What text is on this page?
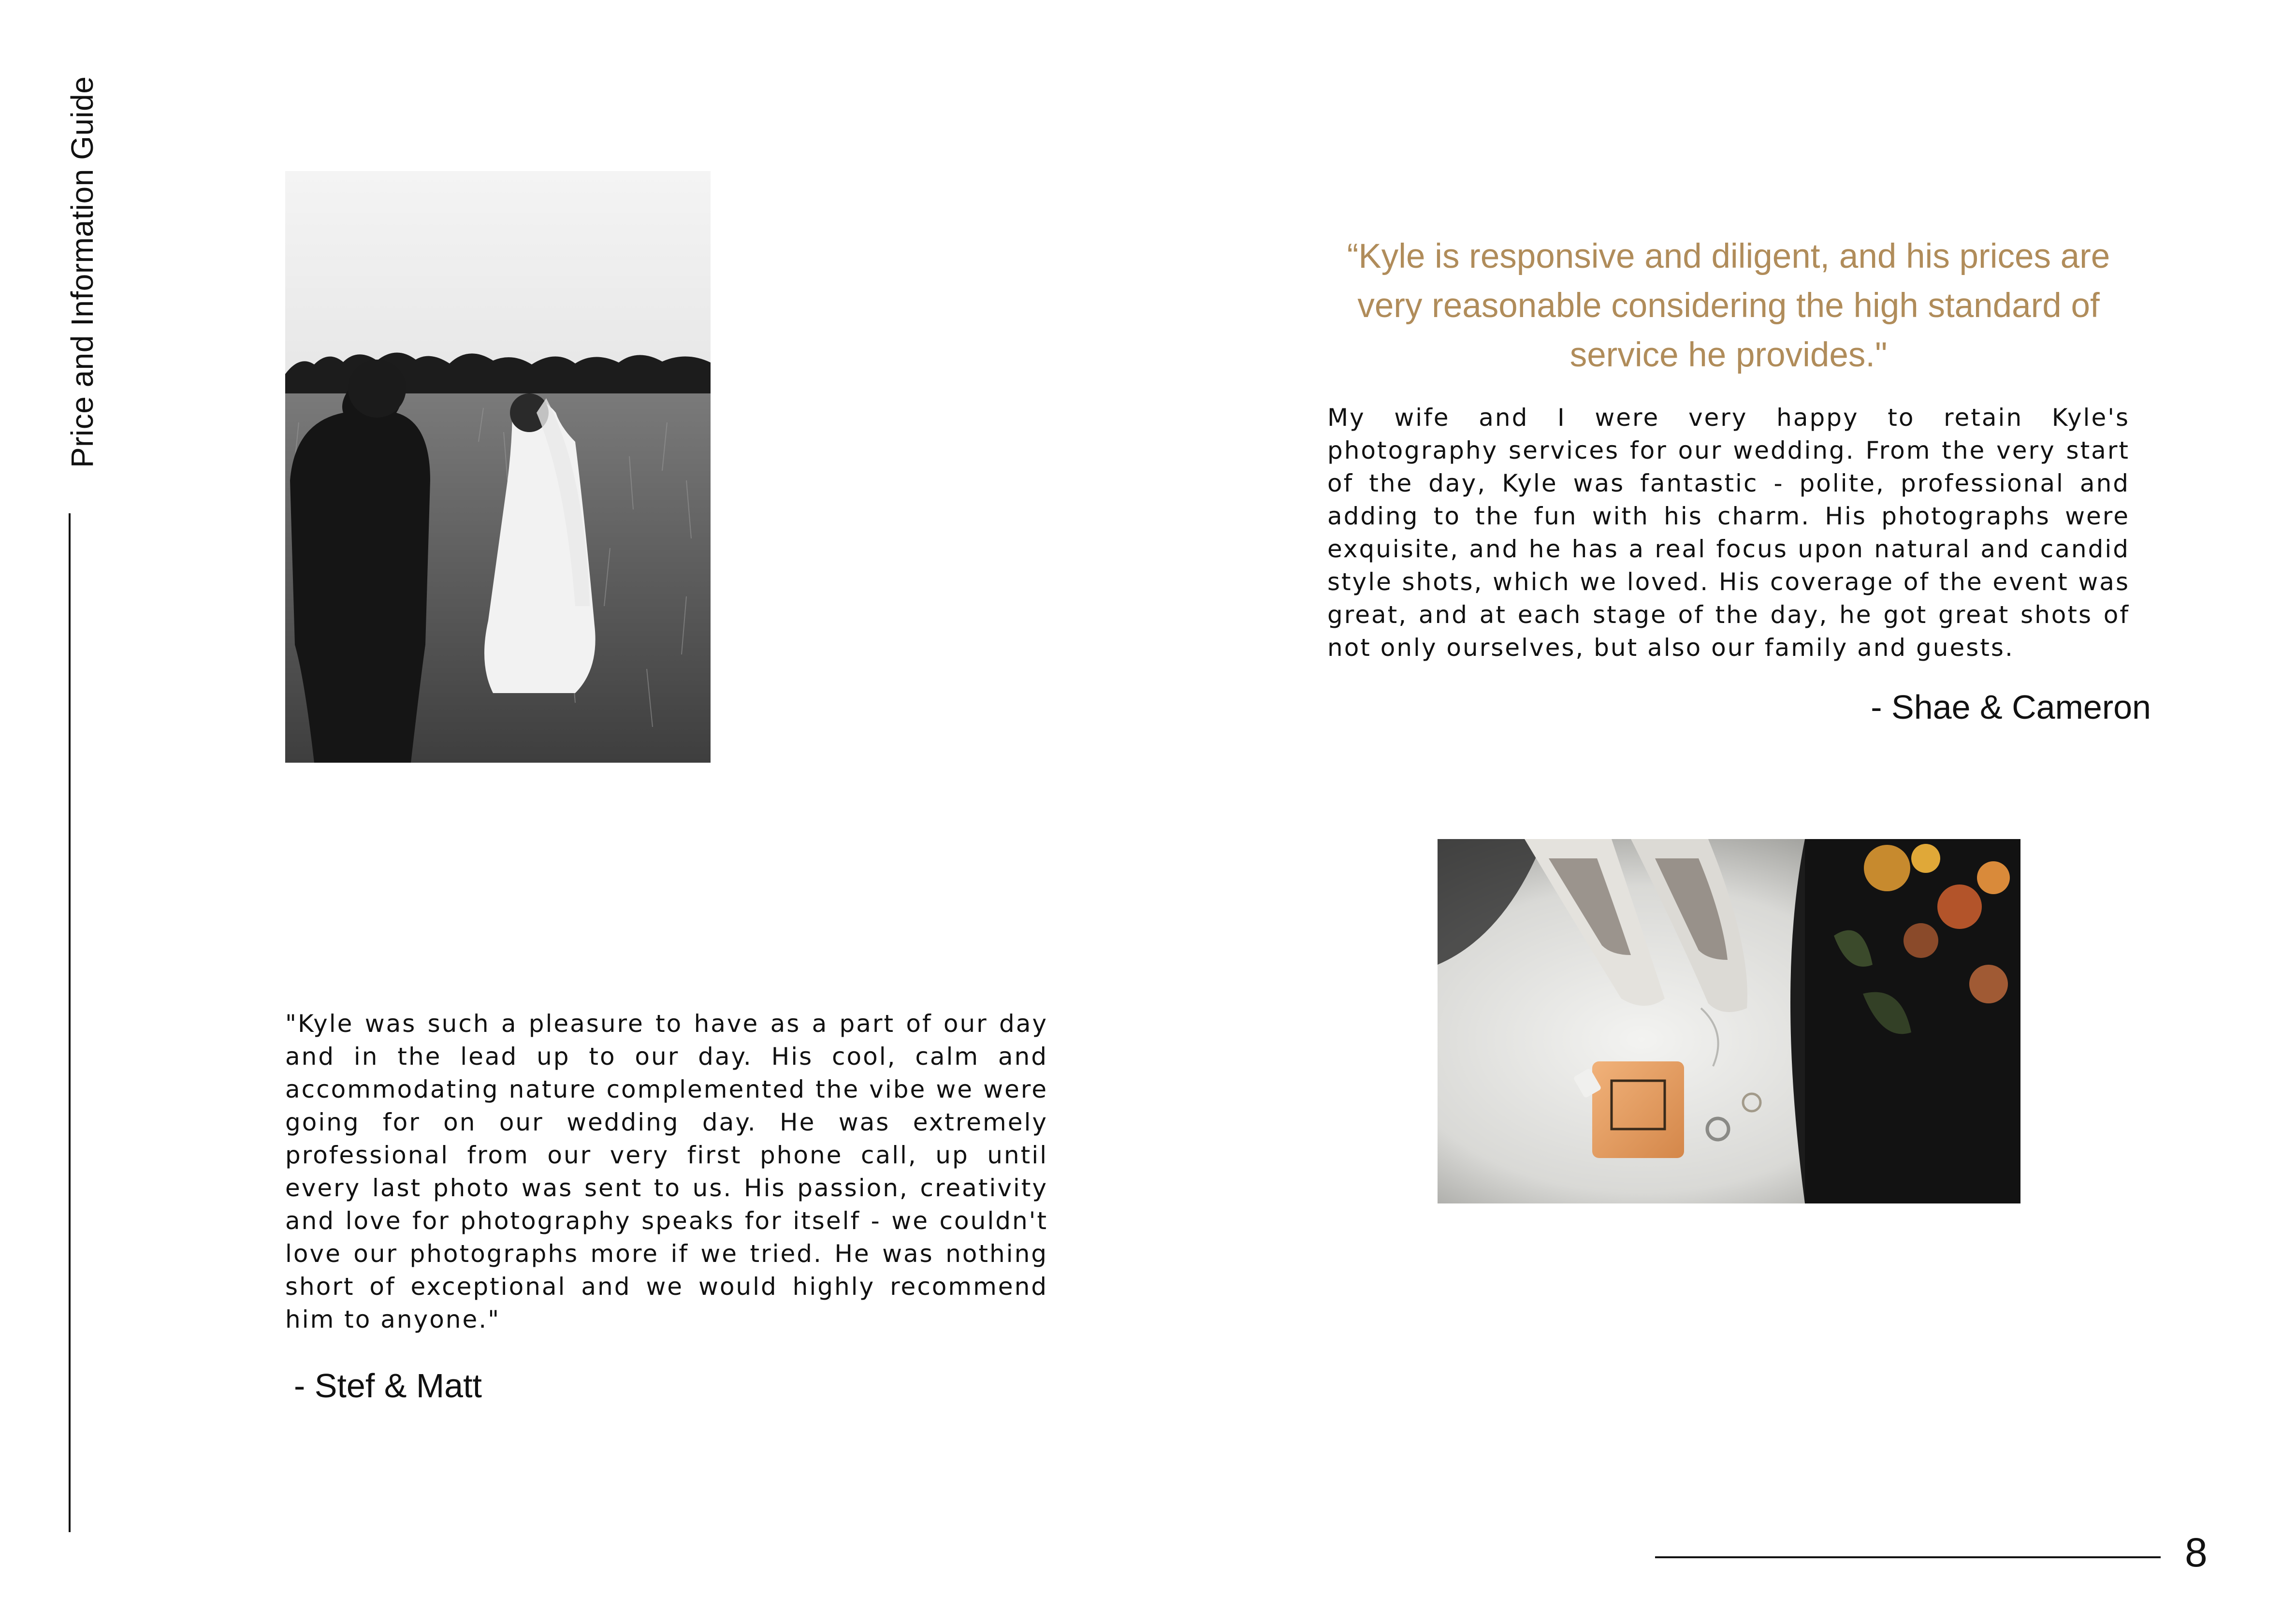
Price and Information Guide	“Kyle is responsive and diligent, and his prices are very reasonable considering the high standard of service he provides."
My wife and I were very happy to retain Kyle's photography services for our wedding. From the very start of the day, Kyle was fantastic - polite, professional and adding to the fun with his charm. His photographs were exquisite, and he has a real focus upon natural and candid style shots, which we loved. His coverage of the event was great, and at each stage of the day, he got great shots of not only ourselves, but also our family and guests.
- Shae & Cameron
"Kyle was such a pleasure to have as a part of our day and in the lead up to our day. His cool, calm and accommodating nature complemented the vibe we were going for on our wedding day. He was extremely professional from our very first phone call, up until every last photo was sent to us. His passion, creativity and love for photography speaks for itself - we couldn't love our photographs more if we tried. He was nothing short of exceptional and we would highly recommend him to anyone."
- Stef & Matt
8
